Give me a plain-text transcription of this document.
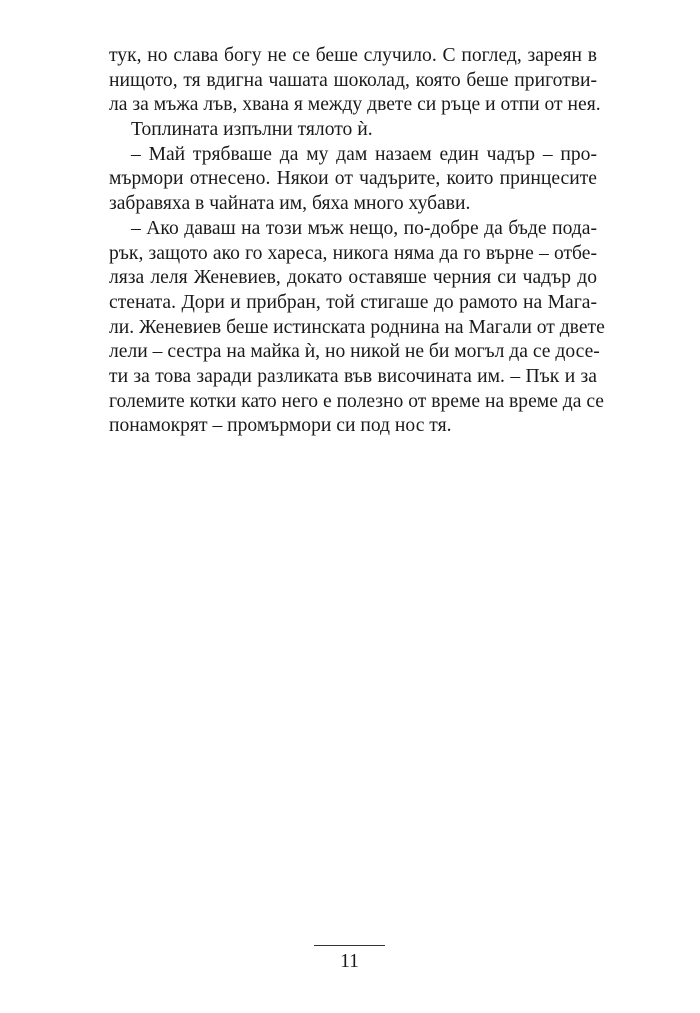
тук, но слава богу не се беше случило. С поглед, зареян в
нищото, тя вдигна чашата шоколад, която беше приготви-
ла за мъжа лъв, хвана я между двете си ръце и отпи от нея.
Топлината изпълни тялото ѝ.
– Май трябваше да му дам назаем един чадър – про-
мърмори отнесено. Някои от чадърите, които принцесите
забравяха в чайната им, бяха много хубави.
– Ако даваш на този мъж нещо, по-добре да бъде пода-
рък, защото ако го хареса, никога няма да го върне – отбе-
ляза леля Женевиев, докато оставяше черния си чадър до
стената. Дори и прибран, той стигаше до рамото на Мага-
ли. Женевиев беше истинската роднина на Магали от двете
лели – сестра на майка ѝ, но никой не би могъл да се досе-
ти за това заради разликата във височината им. – Пък и за
големите котки като него е полезно от време на време да се
понамокрят – промърмори си под нос тя.
11
